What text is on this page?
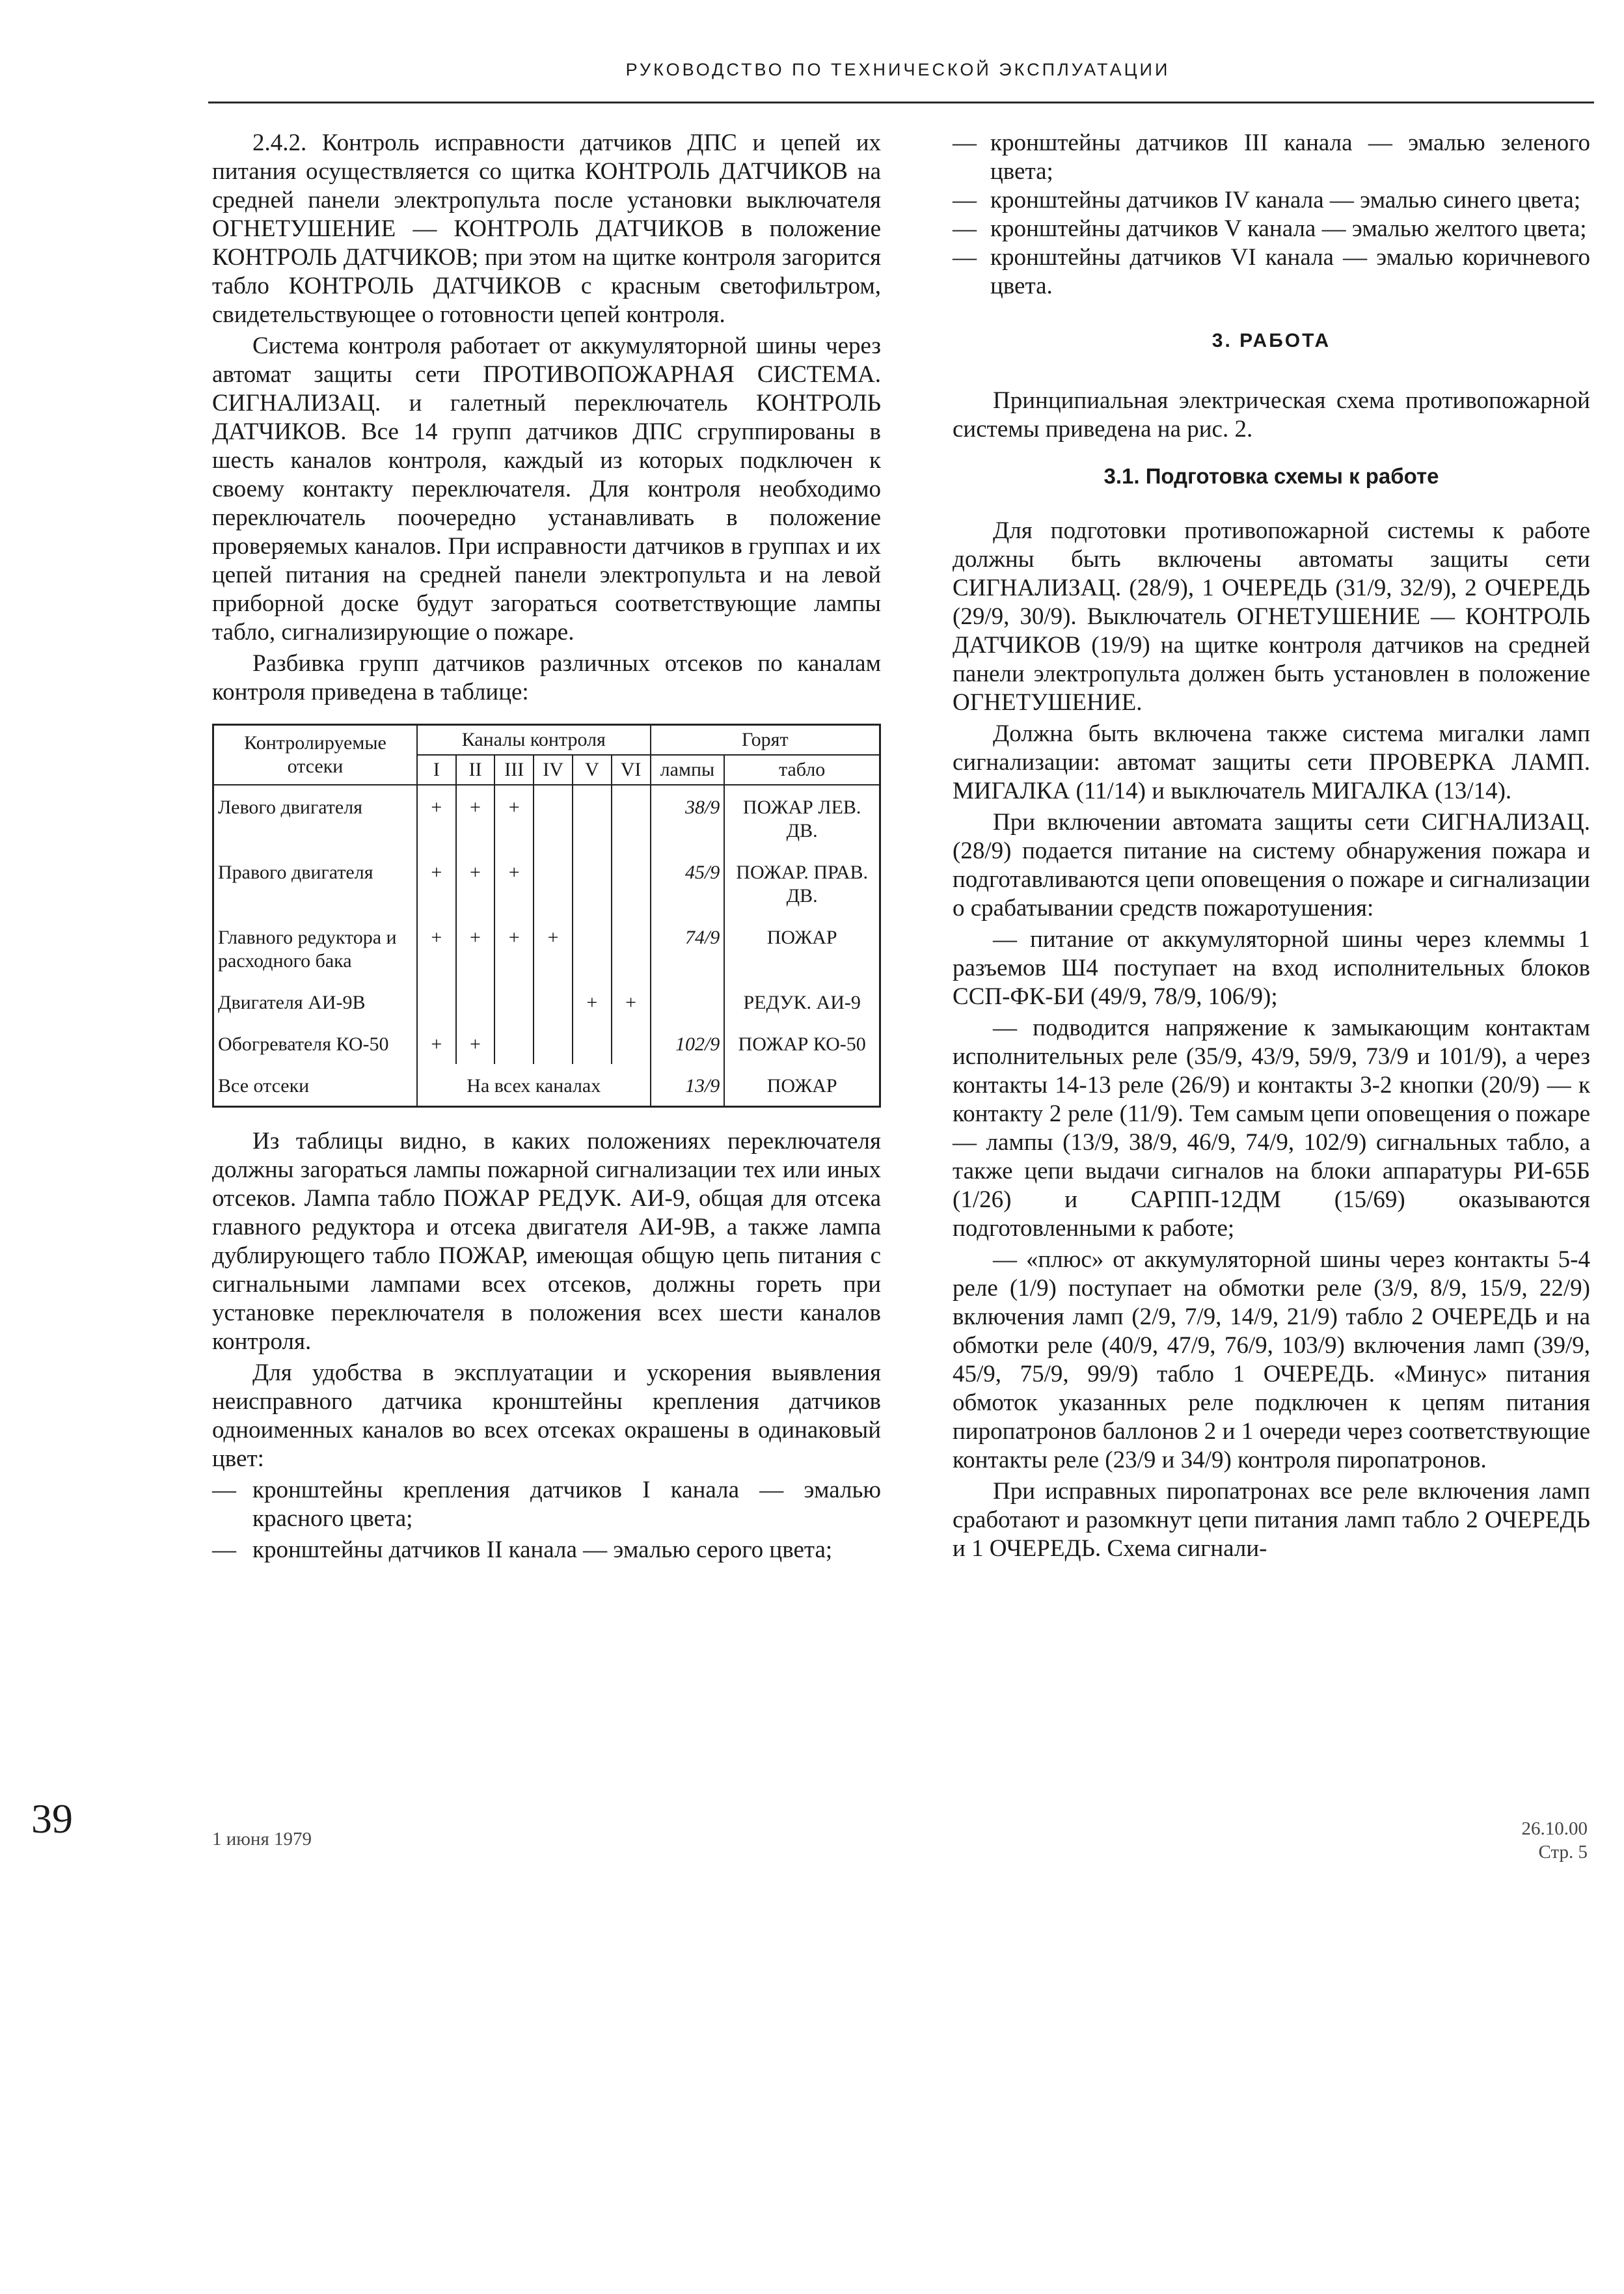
РУКОВОДСТВО ПО ТЕХНИЧЕСКОЙ ЭКСПЛУАТАЦИИ

2.4.2. Контроль исправности датчиков ДПС и цепей их питания осуществляется со щитка КОНТРОЛЬ ДАТЧИКОВ на средней панели электропульта после установки выключателя ОГНЕТУШЕНИЕ — КОНТРОЛЬ ДАТЧИКОВ в положение КОНТРОЛЬ ДАТЧИКОВ; при этом на щитке контроля загорится табло КОНТРОЛЬ ДАТЧИКОВ с красным светофильтром, свидетельствующее о готовности цепей контроля.

Система контроля работает от аккумуляторной шины через автомат защиты сети ПРОТИВОПОЖАРНАЯ СИСТЕМА. СИГНАЛИЗАЦ. и галетный переключатель КОНТРОЛЬ ДАТЧИКОВ. Все 14 групп датчиков ДПС сгруппированы в шесть каналов контроля, каждый из которых подключен к своему контакту переключателя. Для контроля необходимо переключатель поочередно устанавливать в положение проверяемых каналов. При исправности датчиков в группах и их цепей питания на средней панели электропульта и на левой приборной доске будут загораться соответствующие лампы табло, сигнализирующие о пожаре.

Разбивка групп датчиков различных отсеков по каналам контроля приведена в таблице:

Контролируемые отсеки	Каналы контроля						Горят	
	I	II	III	IV	V	VI	лампы	табло
Левого двигателя	+	+	+				38/9	ПОЖАР ЛЕВ. ДВ.
Правого двигателя	+	+	+				45/9	ПОЖАР. ПРАВ. ДВ.
Главного редуктора и расходного бака	+	+	+	+			74/9	ПОЖАР
Двигателя АИ-9В					+	+		РЕДУК. АИ-9
Обогревателя КО-50	+	+					102/9	ПОЖАР КО-50
Все отсеки	На всех каналах						13/9	ПОЖАР

Из таблицы видно, в каких положениях переключателя должны загораться лампы пожарной сигнализации тех или иных отсеков. Лампа табло ПОЖАР РЕДУК. АИ-9, общая для отсека главного редуктора и отсека двигателя АИ-9В, а также лампа дублирующего табло ПОЖАР, имеющая общую цепь питания с сигнальными лампами всех отсеков, должны гореть при установке переключателя в положения всех шести каналов контроля.

Для удобства в эксплуатации и ускорения выявления неисправного датчика кронштейны крепления датчиков одноименных каналов во всех отсеках окрашены в одинаковый цвет:

— кронштейны крепления датчиков I канала — эмалью красного цвета;

— кронштейны датчиков II канала — эмалью серого цвета;

— кронштейны датчиков III канала — эмалью зеленого цвета;

— кронштейны датчиков IV канала — эмалью синего цвета;

— кронштейны датчиков V канала — эмалью желтого цвета;

— кронштейны датчиков VI канала — эмалью коричневого цвета.

3. РАБОТА

Принципиальная электрическая схема противопожарной системы приведена на рис. 2.

3.1. Подготовка схемы к работе

Для подготовки противопожарной системы к работе должны быть включены автоматы защиты сети СИГНАЛИЗАЦ. (28/9), 1 ОЧЕРЕДЬ (31/9, 32/9), 2 ОЧЕРЕДЬ (29/9, 30/9). Выключатель ОГНЕТУШЕНИЕ — КОНТРОЛЬ ДАТЧИКОВ (19/9) на щитке контроля датчиков на средней панели электропульта должен быть установлен в положение ОГНЕТУШЕНИЕ.

Должна быть включена также система мигалки ламп сигнализации: автомат защиты сети ПРОВЕРКА ЛАМП. МИГАЛКА (11/14) и выключатель МИГАЛКА (13/14).

При включении автомата защиты сети СИГНАЛИЗАЦ. (28/9) подается питание на систему обнаружения пожара и подготавливаются цепи оповещения о пожаре и сигнализации о срабатывании средств пожаротушения:

— питание от аккумуляторной шины через клеммы 1 разъемов Ш4 поступает на вход исполнительных блоков ССП-ФК-БИ (49/9, 78/9, 106/9);

— подводится напряжение к замыкающим контактам исполнительных реле (35/9, 43/9, 59/9, 73/9 и 101/9), а через контакты 14-13 реле (26/9) и контакты 3-2 кнопки (20/9) — к контакту 2 реле (11/9). Тем самым цепи оповещения о пожаре — лампы (13/9, 38/9, 46/9, 74/9, 102/9) сигнальных табло, а также цепи выдачи сигналов на блоки аппаратуры РИ-65Б (1/26) и САРПП-12ДМ (15/69) оказываются подготовленными к работе;

— «плюс» от аккумуляторной шины через контакты 5-4 реле (1/9) поступает на обмотки реле (3/9, 8/9, 15/9, 22/9) включения ламп (2/9, 7/9, 14/9, 21/9) табло 2 ОЧЕРЕДЬ и на обмотки реле (40/9, 47/9, 76/9, 103/9) включения ламп (39/9, 45/9, 75/9, 99/9) табло 1 ОЧЕРЕДЬ. «Минус» питания обмоток указанных реле подключен к цепям питания пиропатронов баллонов 2 и 1 очереди через соответствующие контакты реле (23/9 и 34/9) контроля пиропатронов.

При исправных пиропатронах все реле включения ламп сработают и разомкнут цепи питания ламп табло 2 ОЧЕРЕДЬ и 1 ОЧЕРЕДЬ. Схема сигнали-

39	1 июня 1979	26.10.00
Стр. 5
